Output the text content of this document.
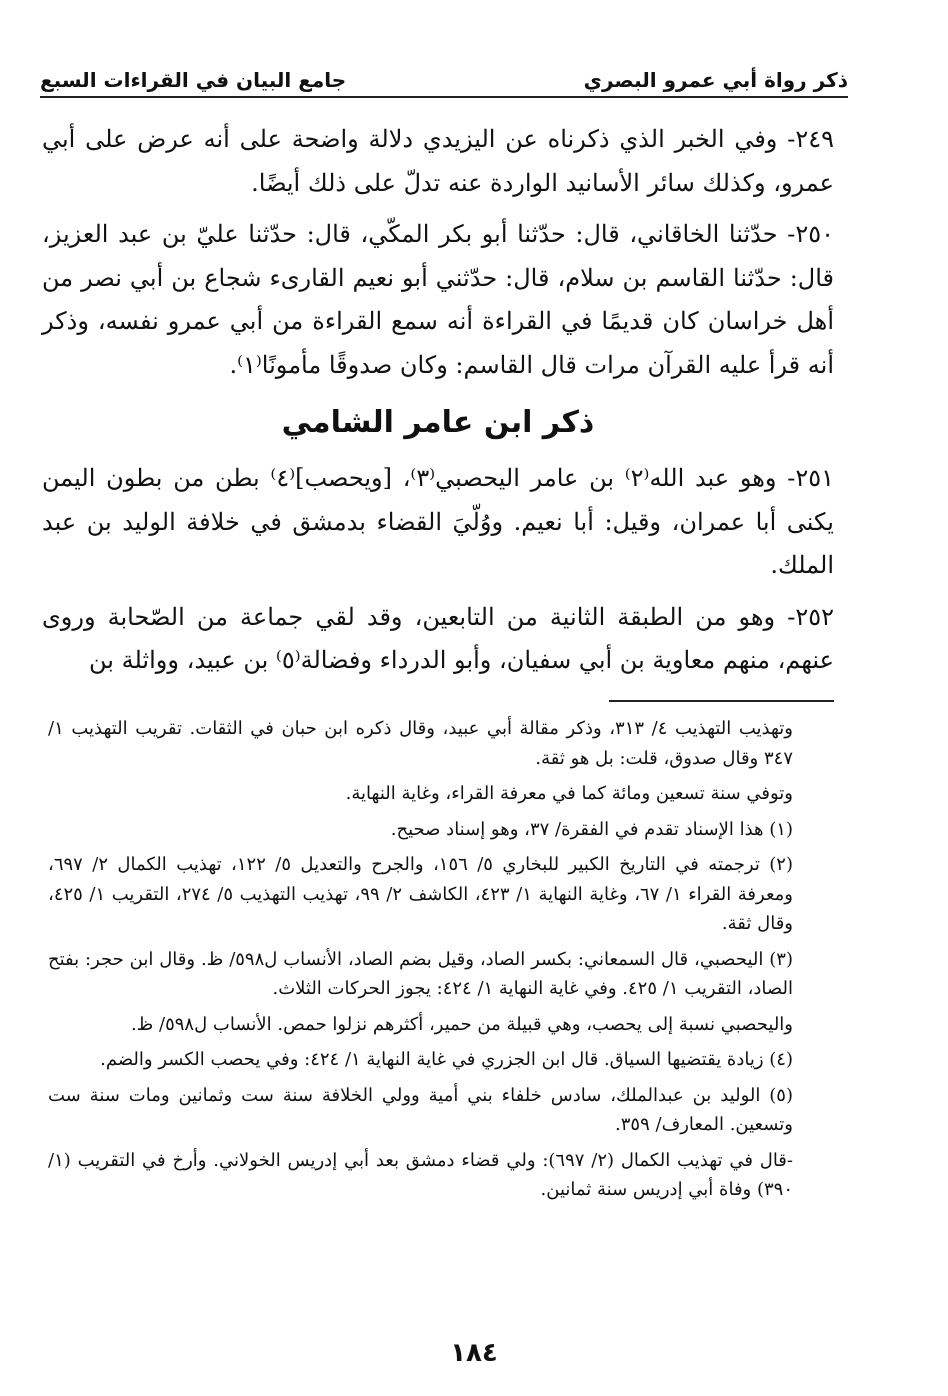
ذكر رواة أبي عمرو البصري
جامع البيان في القراءات السبع

٢٤٩- وفي الخبر الذي ذكرناه عن اليزيدي دلالة واضحة على أنه عرض على أبي عمرو، وكذلك سائر الأسانيد الواردة عنه تدلّ على ذلك أيضًا.

٢٥٠- حدّثنا الخاقاني، قال: حدّثنا أبو بكر المكّي، قال: حدّثنا عليّ بن عبد العزيز، قال: حدّثنا القاسم بن سلام، قال: حدّثني أبو نعيم القارىء شجاع بن أبي نصر من أهل خراسان كان قديمًا في القراءة أنه سمع القراءة من أبي عمرو نفسه، وذكر أنه قرأ عليه القرآن مرات قال القاسم: وكان صدوقًا مأمونًا⁽١⁾.

ذكر ابن عامر الشامي

٢٥١- وهو عبد الله⁽٢⁾ بن عامر اليحصبي⁽٣⁾، [ويحصب]⁽٤⁾ بطن من بطون اليمن يكنى أبا عمران، وقيل: أبا نعيم. ووُلّيَ القضاء بدمشق في خلافة الوليد بن عبد الملك.

٢٥٢- وهو من الطبقة الثانية من التابعين، وقد لقي جماعة من الصّحابة وروى عنهم، منهم معاوية بن أبي سفيان، وأبو الدرداء وفضالة⁽٥⁾ بن عبيد، وواثلة بن

وتهذيب التهذيب ٤/ ٣١٣، وذكر مقالة أبي عبيد، وقال ذكره ابن حبان في الثقات. تقريب التهذيب ١/ ٣٤٧ وقال صدوق، قلت: بل هو ثقة.

وتوفي سنة تسعين ومائة كما في معرفة القراء، وغاية النهاية.

(١) هذا الإسناد تقدم في الفقرة/ ٣٧، وهو إسناد صحيح.

(٢) ترجمته في التاريخ الكبير للبخاري ٥/ ١٥٦، والجرح والتعديل ٥/ ١٢٢، تهذيب الكمال ٢/ ٦٩٧، ومعرفة القراء ١/ ٦٧، وغاية النهاية ١/ ٤٢٣، الكاشف ٢/ ٩٩، تهذيب التهذيب ٥/ ٢٧٤، التقريب ١/ ٤٢٥، وقال ثقة.

(٣) اليحصبي، قال السمعاني: بكسر الصاد، وقيل بضم الصاد، الأنساب ل٥٩٨/ ظ. وقال ابن حجر: بفتح الصاد، التقريب ١/ ٤٢٥. وفي غاية النهاية ١/ ٤٢٤: يجوز الحركات الثلاث.

واليحصبي نسبة إلى يحصب، وهي قبيلة من حمير، أكثرهم نزلوا حمص. الأنساب ل٥٩٨/ ظ.

(٤) زيادة يقتضيها السياق. قال ابن الجزري في غاية النهاية ١/ ٤٢٤: وفي يحصب الكسر والضم.

(٥) الوليد بن عبدالملك، سادس خلفاء بني أمية وولي الخلافة سنة ست وثمانين ومات سنة ست وتسعين. المعارف/ ٣٥٩.

-قال في تهذيب الكمال (٢/ ٦٩٧): ولي قضاء دمشق بعد أبي إدريس الخولاني. وأرخ في التقريب (١/ ٣٩٠) وفاة أبي إدريس سنة ثمانين.

١٨٤
